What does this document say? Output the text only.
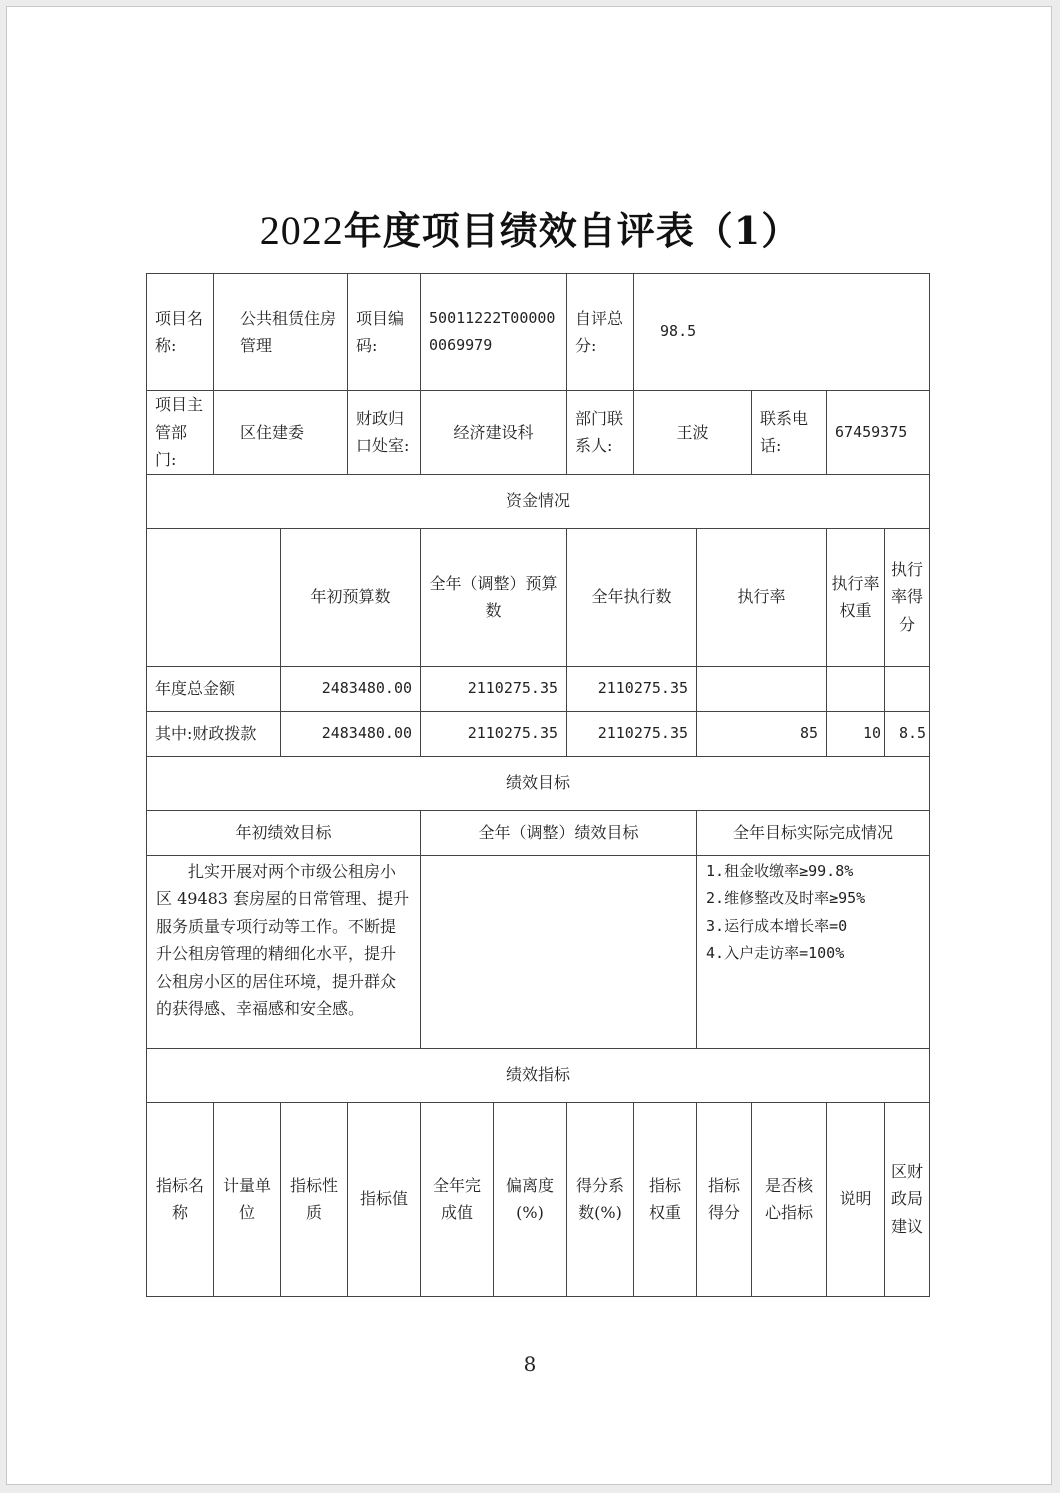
2022年度项目绩效自评表（1）
项目名称:	公共租赁住房管理		项目编码:	50011222T000000069979		自评总分:	98.5				
项目主管部门:	区住建委		财政归口处室:	经济建设科		部门联系人:	王波		联系电话:	67459375	
资金情况											
		年初预算数		全年（调整）预算数		全年执行数		执行率		执行率权重	执行率得分
年度总金额		2483480.00		2110275.35		2110275.35					
其中:财政拨款		2483480.00		2110275.35		2110275.35		85		10	8.5
绩效目标											
年初绩效目标				全年（调整）绩效目标				全年目标实际完成情况			
扎实开展对两个市级公租房小区 49483 套房屋的日常管理、提升服务质量专项行动等工作。不断提升公租房管理的精细化水平，提升公租房小区的居住环境，提升群众的获得感、幸福感和安全感。								1.租金收缴率≥99.8%
2.维修整改及时率≥95%
3.运行成本增长率=0
4.入户走访率=100%			

绩效指标											
指标名称	计量单位	指标性质	指标值	全年完成值	偏离度(%)	得分系数(%)	指标权重	指标得分	是否核心指标	说明	区财政局建议
8
